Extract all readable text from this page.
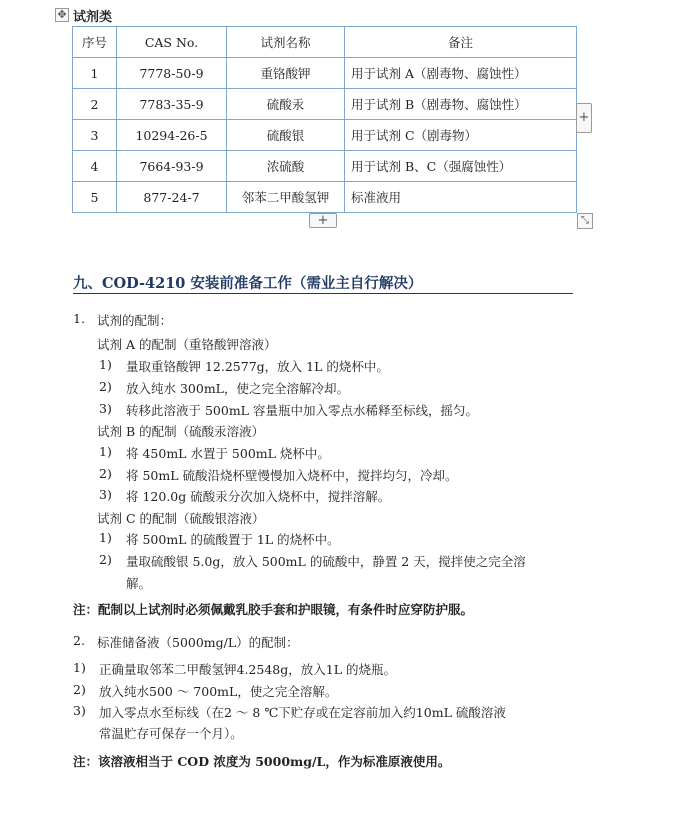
✥ 试剂类
序号	CAS No.	试剂名称	备注
1	7778-50-9	重铬酸钾	用于试剂 A（剧毒物、腐蚀性）
2	7783-35-9	硫酸汞	用于试剂 B（剧毒物、腐蚀性）
3	10294-26-5	硫酸银	用于试剂 C（剧毒物）
4	7664-93-9	浓硫酸	用于试剂 B、C（强腐蚀性）
5	877-24-7	邻苯二甲酸氢钾	标准液用
+
+	⤡
九、COD-4210 安装前准备工作（需业主自行解决）
1. 试剂的配制：
试剂 A 的配制（重铬酸钾溶液）
1) 量取重铬酸钾 12.2577g，放入 1L 的烧杯中。
2) 放入纯水 300mL，使之完全溶解冷却。
3) 转移此溶液于 500mL 容量瓶中加入零点水稀释至标线，摇匀。
试剂 B 的配制（硫酸汞溶液）
1) 将 450mL 水置于 500mL 烧杯中。
2) 将 50mL 硫酸沿烧杯壁慢慢加入烧杯中，搅拌均匀，冷却。
3) 将 120.0g 硫酸汞分次加入烧杯中，搅拌溶解。
试剂 C 的配制（硫酸银溶液）
1) 将 500mL 的硫酸置于 1L 的烧杯中。
2) 量取硫酸银 5.0g，放入 500mL 的硫酸中，静置 2 天，搅拌使之完全溶
解。
注：配制以上试剂时必须佩戴乳胶手套和护眼镜，有条件时应穿防护服。
2. 标准储备液（5000mg/L）的配制：
1) 正确量取邻苯二甲酸氢钾4.2548g，放入1L 的烧瓶。
2) 放入纯水500 ～ 700mL，使之完全溶解。
3) 加入零点水至标线（在2 ～ 8 ℃下贮存或在定容前加入约10mL 硫酸溶液
常温贮存可保存一个月）。
注：该溶液相当于 COD 浓度为 5000mg/L，作为标准原液使用。
